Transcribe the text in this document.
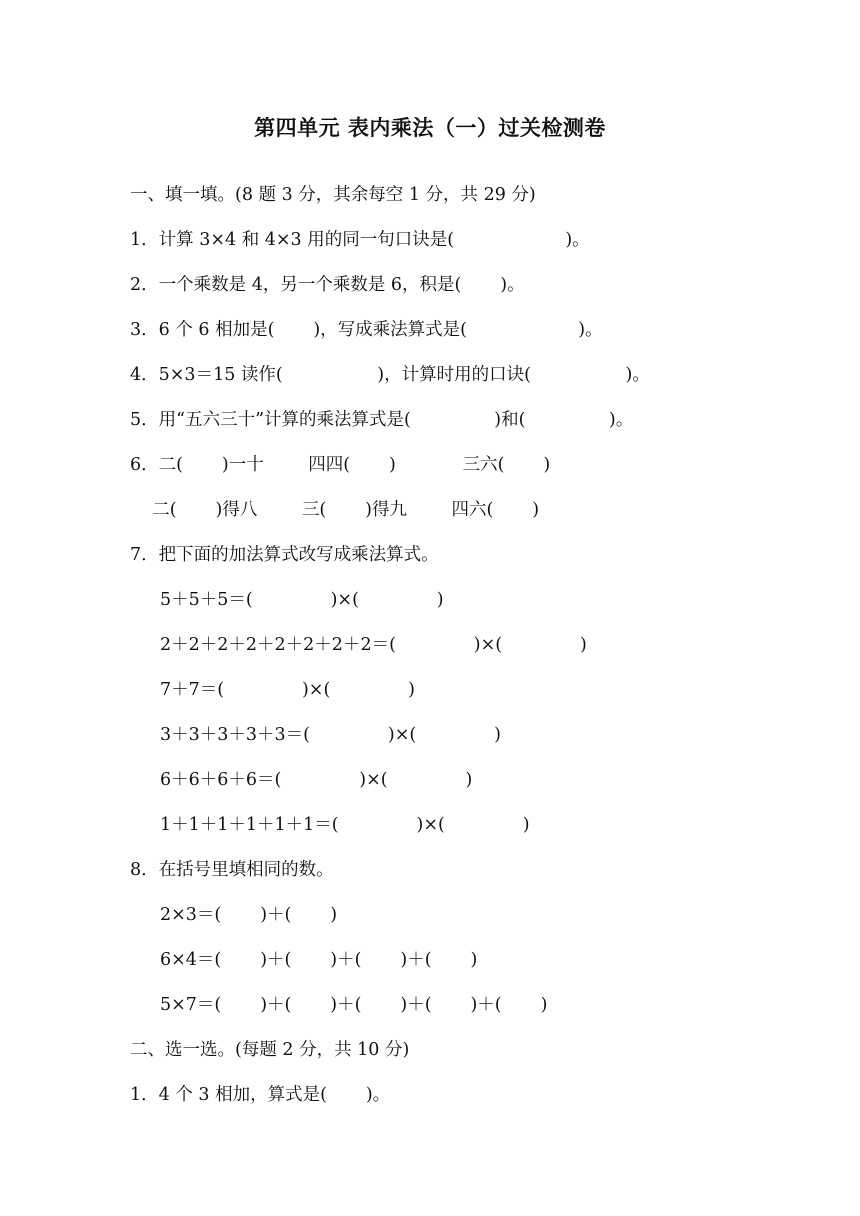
第四单元 表内乘法（一）过关检测卷
一、填一填。(8 题 3 分，其余每空 1 分，共 29 分)
1．计算 3×4 和 4×3 用的同一句口诀是(                    )。
2．一个乘数是 4，另一个乘数是 6，积是(       )。
3．6 个 6 相加是(       )，写成乘法算式是(                    )。
4．5×3＝15 读作(                 )，计算时用的口诀(                 )。
5．用“五六三十”计算的乘法算式是(               )和(               )。
6．二(       )一十        四四(       )            三六(       )
二(       )得八        三(       )得九        四六(       )
7．把下面的加法算式改写成乘法算式。
5＋5＋5＝(              )×(              )
2＋2＋2＋2＋2＋2＋2＋2＝(              )×(              )
7＋7＝(              )×(              )
3＋3＋3＋3＋3＝(              )×(              )
6＋6＋6＋6＝(              )×(              )
1＋1＋1＋1＋1＋1＝(              )×(              )
8．在括号里填相同的数。
2×3＝(       )＋(       )
6×4＝(       )＋(       )＋(       )＋(       )
5×7＝(       )＋(       )＋(       )＋(       )＋(       )
二、选一选。(每题 2 分，共 10 分)
1．4 个 3 相加，算式是(       )。
